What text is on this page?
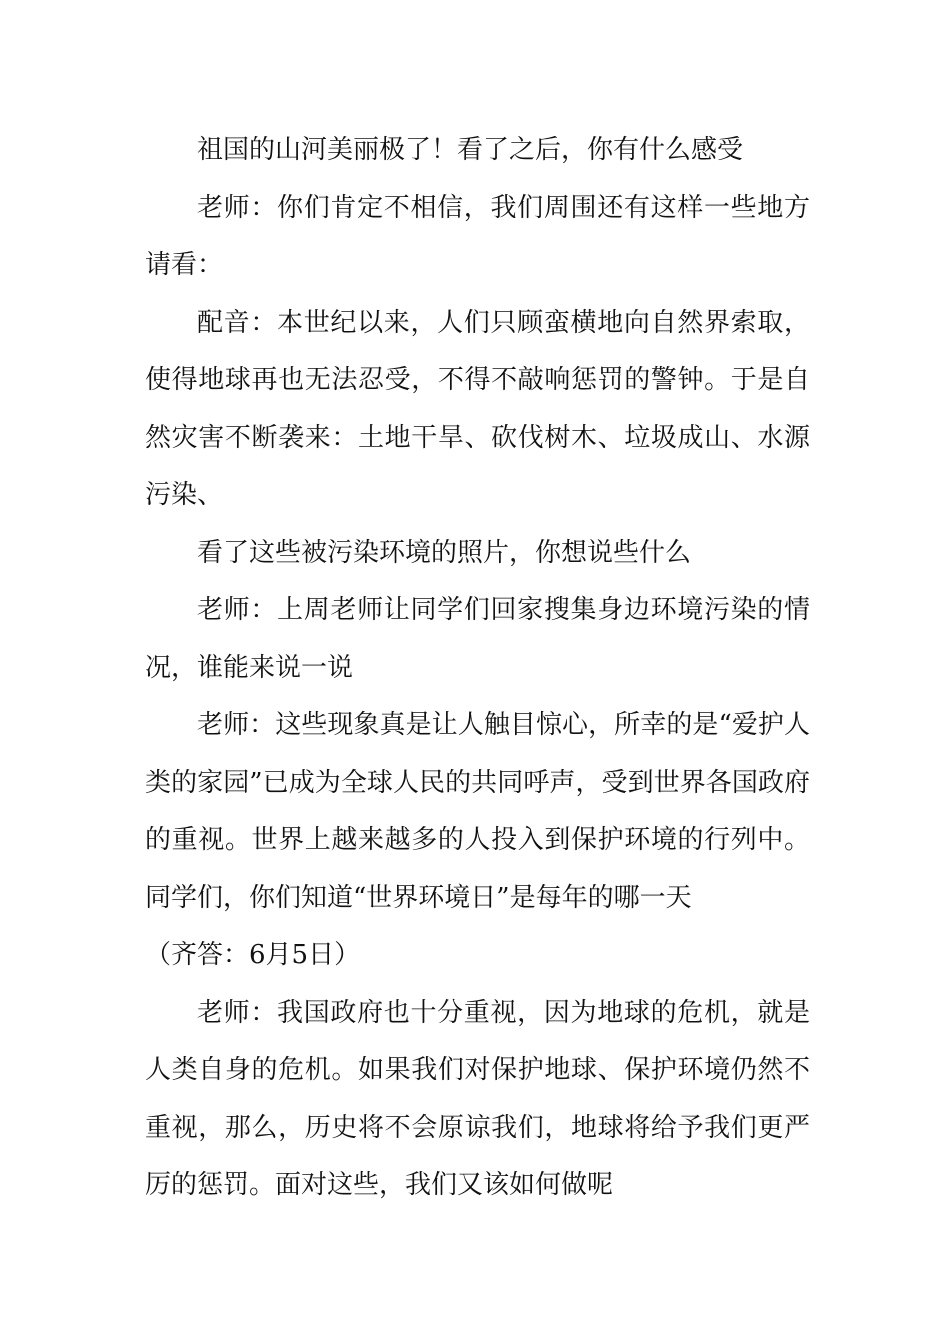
祖国的山河美丽极了！看了之后，你有什么感受

老师：你们肯定不相信，我们周围还有这样一些地方请看：

配音：本世纪以来，人们只顾蛮横地向自然界索取，使得地球再也无法忍受，不得不敲响惩罚的警钟。于是自然灾害不断袭来：土地干旱、砍伐树木、垃圾成山、水源污染、

看了这些被污染环境的照片，你想说些什么

老师：上周老师让同学们回家搜集身边环境污染的情况，谁能来说一说

老师：这些现象真是让人触目惊心，所幸的是“爱护人类的家园”已成为全球人民的共同呼声，受到世界各国政府的重视。世界上越来越多的人投入到保护环境的行列中。同学们，你们知道“世界环境日”是每年的哪一天

（齐答：6月5日）

老师：我国政府也十分重视，因为地球的危机，就是人类自身的危机。如果我们对保护地球、保护环境仍然不重视，那么，历史将不会原谅我们，地球将给予我们更严厉的惩罚。面对这些，我们又该如何做呢
